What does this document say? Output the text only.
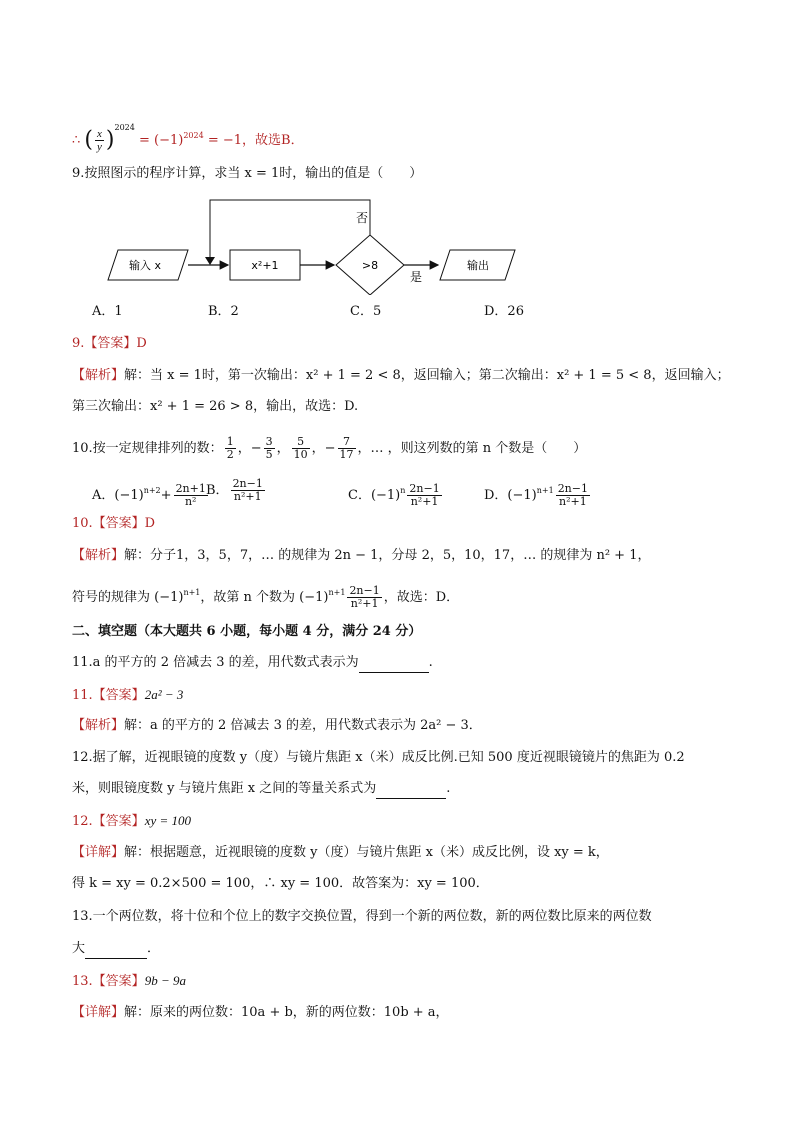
∴ ( $\frac{x}{y} )^{2024} = (-1)^{2024} = -1$，故选B．
9.按照图示的程序计算，求当 x = 1时，输出的值是（　　）
输入 x	x²+1	>8
否
是
输出
A．1	B．2	C．5	D．26
9.【答案】D
【解析】解：当 x = 1时，第一次输出：x² + 1 = 2 < 8，返回输入；第二次输出：x² + 1 = 5 < 8，返回输入；
第三次输出：x² + 1 = 26 > 8，输出，故选：D.
10.按一定规律排列的数： $\frac{1}{2}$ ，− $\frac{3}{5}$ ， $\frac{5}{10}$ ，− $\frac{7}{17}$ ，… ，则这列数的第 n 个数是（　　）
A．$(-1)^{n+2}+ \frac{2n+1}{\text{n²}}$
B． $\frac{2n-1}{\text{n²+1}}$	C．$(-1)^n \frac{2n-1}{\text{n²+1}}$	D．$(-1)^{n+1} \frac{2n-1}{\text{n²+1}}$
10.【答案】D
【解析】解：分子1，3，5，7，… 的规律为 2n − 1，分母 2，5，10，17，… 的规律为 n² + 1，
符号的规律为 $(-1)^{n+1}$，故第 n 个数为 $(-1)^{n+1} \frac{2n-1}{\text{n²+1}}$ ，故选：D．
二、填空题（本大题共 6 小题，每小题 4 分，满分 24 分）
11.a 的平方的 2 倍减去 3 的差，用代数式表示为	.
11.【答案】2a² − 3
【解析】解：a 的平方的 2 倍减去 3 的差，用代数式表示为 2a² − 3．
12.据了解，近视眼镜的度数 y（度）与镜片焦距 x（米）成反比例.已知 500 度近视眼镜镜片的焦距为 0.2
米，则眼镜度数 y 与镜片焦距 x 之间的等量关系式为	.
12.【答案】xy = 100
【详解】解：根据题意，近视眼镜的度数 y（度）与镜片焦距 x（米）成反比例，设 xy = k，
得 k = xy = 0.2×500 = 100，∴ xy = 100．故答案为：xy = 100．
13.一个两位数，将十位和个位上的数字交换位置，得到一个新的两位数，新的两位数比原来的两位数
大	．
13.【答案】9b − 9a
【详解】解：原来的两位数：10a + b，新的两位数：10b + a，
